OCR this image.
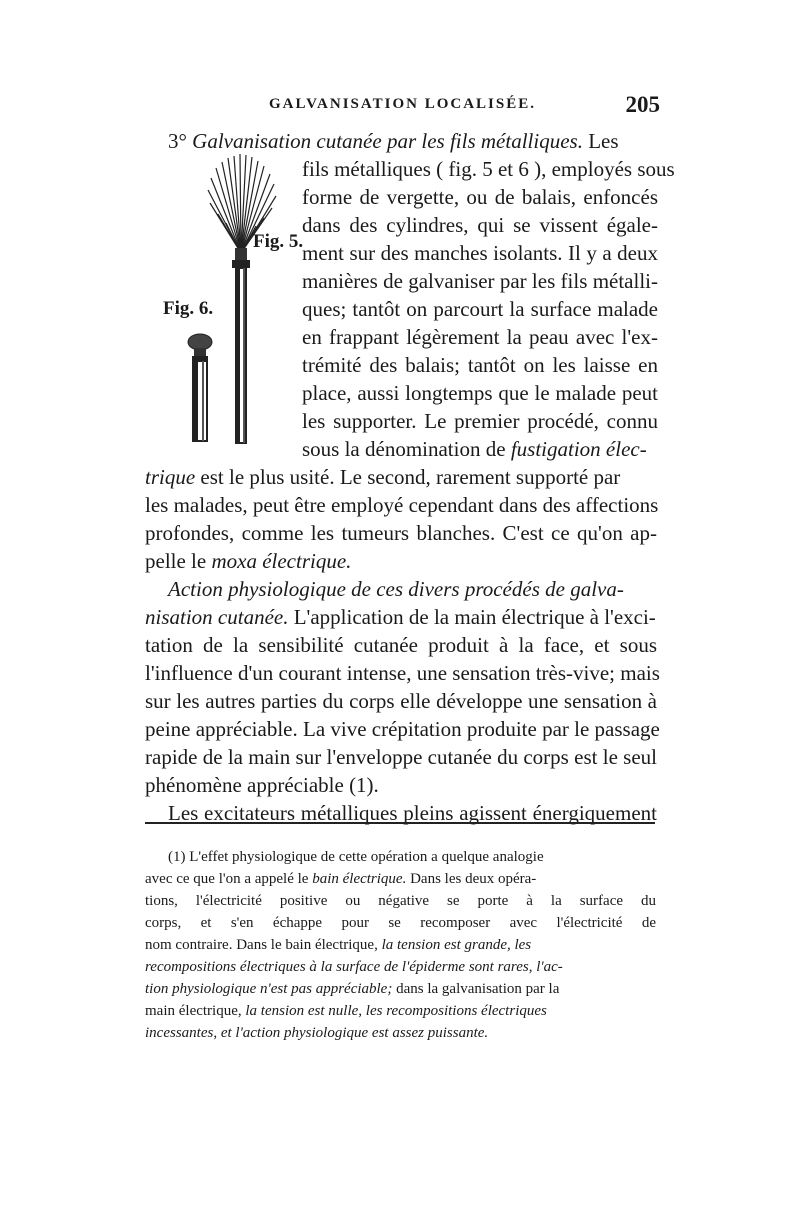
GALVANISATION LOCALISÉE.	205
Fig. 5.
Fig. 6.
3° Galvanisation cutanée par les fils métalliques. Les
fils métalliques ( fig. 5 et 6 ), employés sous
forme de vergette, ou de balais, enfoncés
dans des cylindres, qui se vissent égale-
ment sur des manches isolants. Il y a deux
manières de galvaniser par les fils métalli-
ques; tantôt on parcourt la surface malade
en frappant légèrement la peau avec l'ex-
trémité des balais; tantôt on les laisse en
place, aussi longtemps que le malade peut
les supporter. Le premier procédé, connu
sous la dénomination de fustigation élec-
trique est le plus usité. Le second, rarement supporté par
les malades, peut être employé cependant dans des affections
profondes, comme les tumeurs blanches. C'est ce qu'on ap-
pelle le moxa électrique.
Action physiologique de ces divers procédés de galva-
nisation cutanée. L'application de la main électrique à l'exci-
tation de la sensibilité cutanée produit à la face, et sous
l'influence d'un courant intense, une sensation très-vive; mais
sur les autres parties du corps elle développe une sensation à
peine appréciable. La vive crépitation produite par le passage
rapide de la main sur l'enveloppe cutanée du corps est le seul
phénomène appréciable (1).
Les excitateurs métalliques pleins agissent énergiquement
(1) L'effet physiologique de cette opération a quelque analogie
avec ce que l'on a appelé le bain électrique. Dans les deux opéra-
tions, l'électricité positive ou négative se porte à la surface du
corps, et s'en échappe pour se recomposer avec l'électricité de
nom contraire. Dans le bain électrique, la tension est grande, les
recompositions électriques à la surface de l'épiderme sont rares, l'ac-
tion physiologique n'est pas appréciable; dans la galvanisation par la
main électrique, la tension est nulle, les recompositions électriques
incessantes, et l'action physiologique est assez puissante.
